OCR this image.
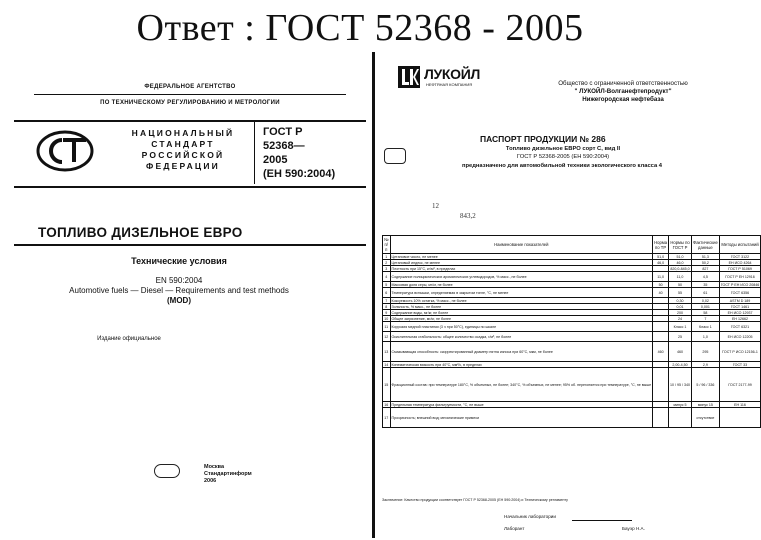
Ответ : ГОСТ 52368 - 2005
ФЕДЕРАЛЬНОЕ АГЕНТСТВО
ПО ТЕХНИЧЕСКОМУ РЕГУЛИРОВАНИЮ И МЕТРОЛОГИИ
НАЦИОНАЛЬНЫЙ
СТАНДАРТ
РОССИЙСКОЙ
ФЕДЕРАЦИИ
ГОСТ Р
52368—
2005
(ЕН 590:2004)
ТОПЛИВО ДИЗЕЛЬНОЕ ЕВРО
Технические условия
EN 590:2004
Automotive fuels — Diesel — Requirements and test methods
(MOD)
Издание официальное
Москва
Стандартинформ
2006
ЛУКОЙЛ
НЕФТЯНАЯ КОМПАНИЯ	Общество с ограниченной ответственностью
" ЛУКОЙЛ-Волганефтепродукт"
Нижегородская нефтебаза
ПАСПОРТ ПРОДУКЦИИ № 286
Топливо дизельное ЕВРО сорт С, вид II
ГОСТ Р 52368-2005 (ЕН 590:2004)
предназначено для автомобильной техники экологического класса 4
12
843,2
№ п/п	Наименование показателей	Норма по ТР	Нормы по ГОСТ Р	Фактические данные	Методы испытаний
1	Цетановое число, не менее	51,0	51,0	51,3	ГОСТ 3122
2	Цетановый индекс, не менее	46,0	46,0	50,2	ЕН ИСО 4264
3	Плотность при 15°С, кг/м³, в пределах		820,0-845,0	827	ГОСТ Р 51069
4	Содержание полициклических ароматических углеводородов, % масс., не более	11,0	11,0	4,5	ГОСТ Р ЕН 12916
5	Массовая доля серы, мг/кг, не более	50	50	35	ГОСТ Р ЕН ИСО 20846
6	Температура вспышки, определяемая в закрытом тигле, °С, не менее	40	55	61	ГОСТ 6356
7	Коксуемость 10% остатка, % масс., не более		0,30	0,02	ASTM D 189
8	Зольность, % масс., не более		0,01	0,001	ГОСТ 1461
9	Содержание воды, мг/кг, не более		200	58	ЕН ИСО 12937
10	Общее загрязнение, мг/кг, не более		24	7	ЕН 12662
11	Коррозия медной пластинки (3 ч при 50°С), единицы по шкале		Класс 1	Класс 1	ГОСТ 6321
12	Окислительная стабильность: общее количество осадка, г/м³, не более		25	1,0	ЕН ИСО 12205
13	Смазывающая способность: скорректированный диаметр пятна износа при 60°С, мкм, не более	460	460	295	ГОСТ Р ИСО 12156-1
14	Кинематическая вязкость при 40°С, мм²/с, в пределах		2,00-4,50	2,9	ГОСТ 33
15	Фракционный состав: при температуре 180°С, % объемных, не более; 340°С, % объемных, не менее; 95% об. перегоняется при температуре, °С, не выше		10 / 95 / 340	5 / 96 / 336	ГОСТ 2177-99
16	Предельная температура фильтруемости, °С, не выше		минус 5	минус 15	ЕН 116
17	Прозрачность; внешний вид; механические примеси			отсутствие	
Заключение: Качество продукции соответствует ГОСТ Р 52368-2005 (ЕН 590:2004) и Техническому регламенту
Начальник лаборатории
Лаборант	Бауэр Н.А.
